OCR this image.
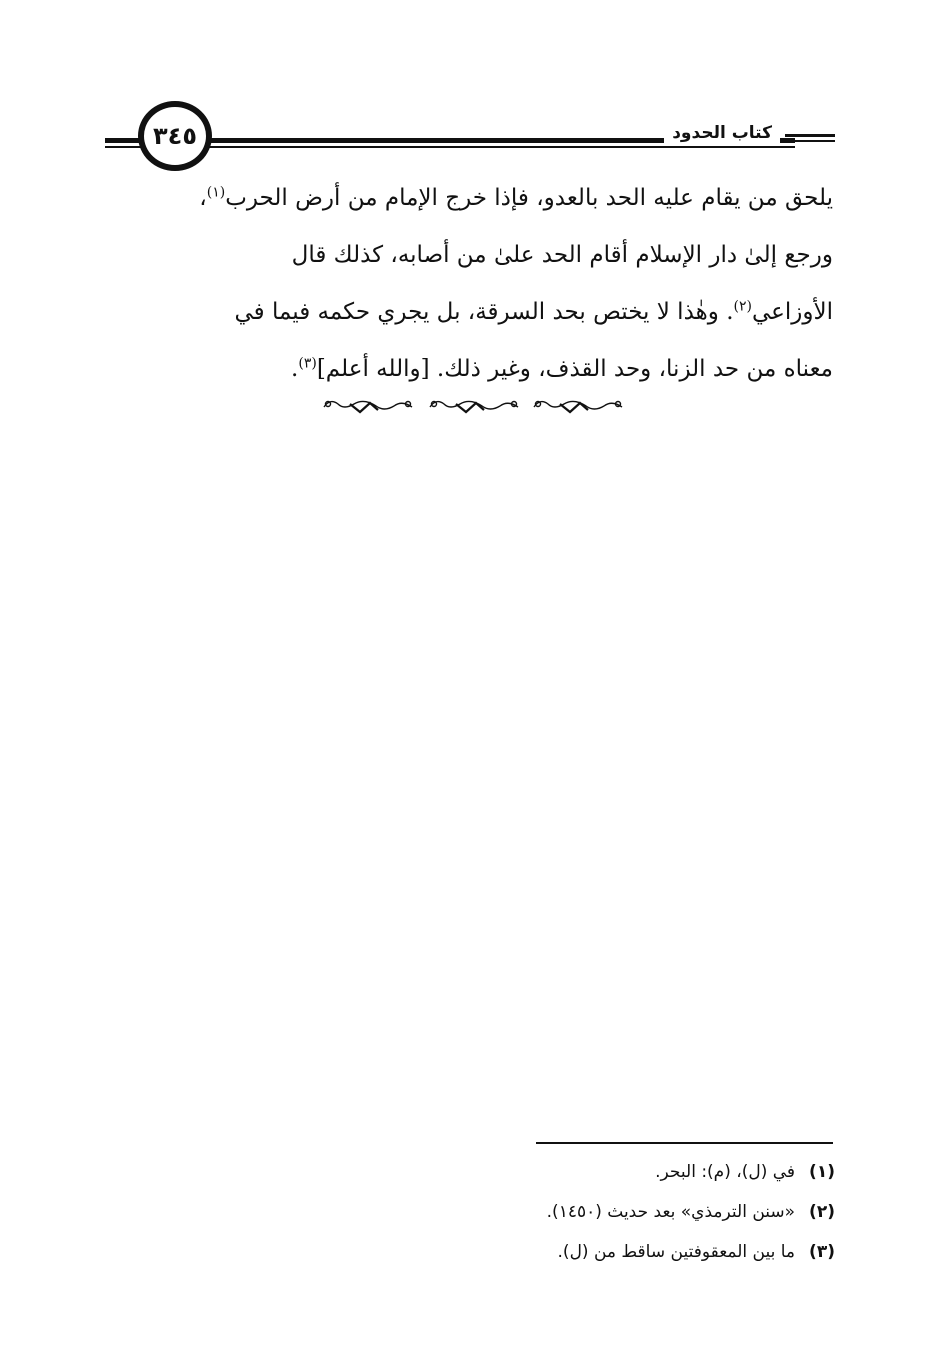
كتاب الحدود
٣٤٥

يلحق من يقام عليه الحد بالعدو، فإذا خرج الإمام من أرض الحرب$^{(١)}$،

ورجع إلىٰ دار الإسلام أقام الحد علىٰ من أصابه، كذلك قال

الأوزاعي$^{(٢)}$. وهٰذا لا يختص بحد السرقة، بل يجري حكمه فيما في

معناه من حد الزنا، وحد القذف، وغير ذلك. [والله أعلم]$^{(٣)}$.

(١)في (ل)، (م): البحر.
(٢)«سنن الترمذي» بعد حديث (١٤٥٠).
(٣)ما بين المعقوفتين ساقط من (ل).
